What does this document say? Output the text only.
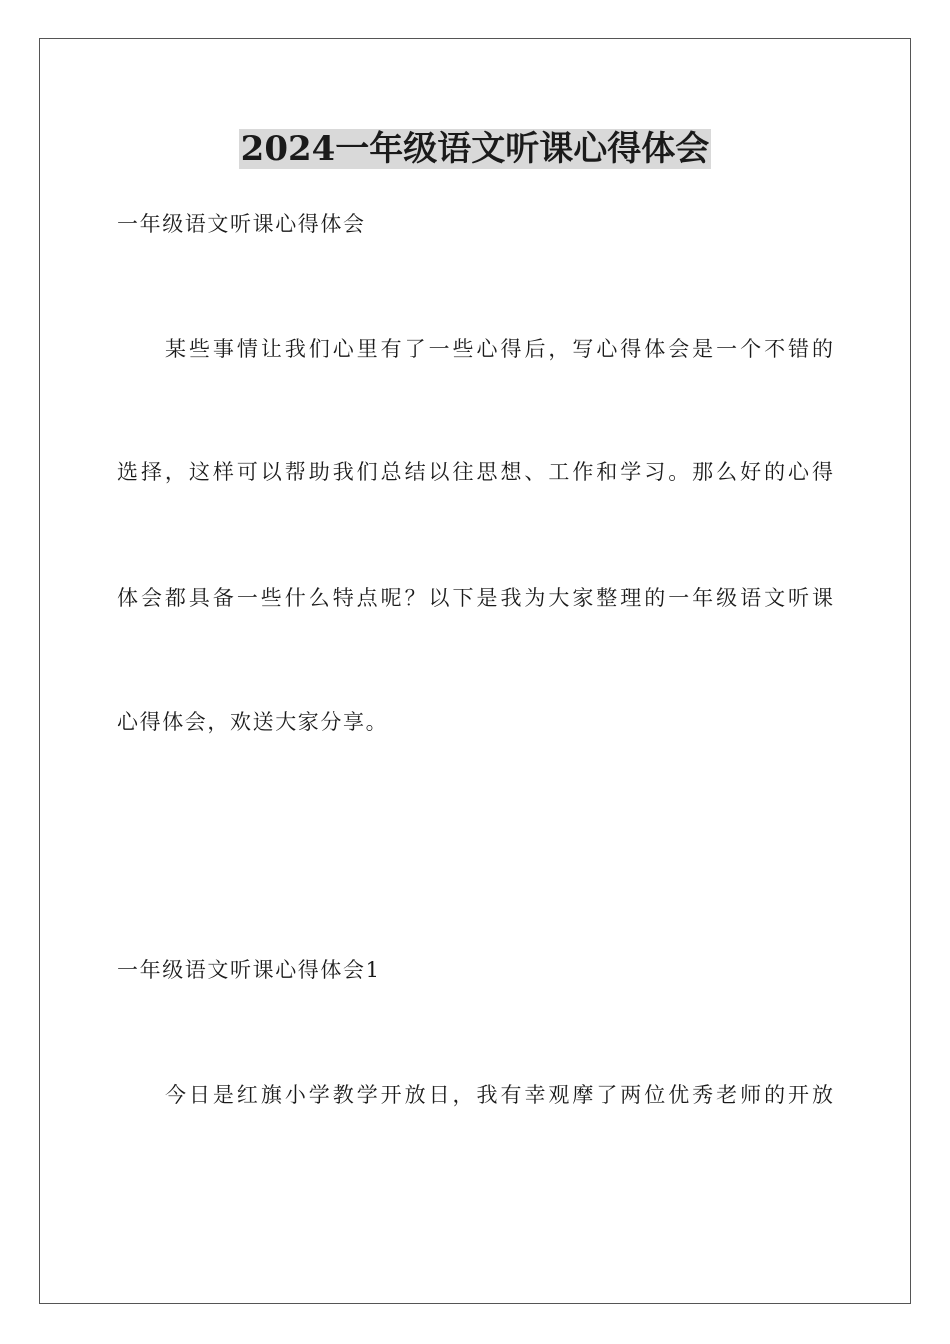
2024一年级语文听课心得体会
一年级语文听课心得体会
某些事情让我们心里有了一些心得后，写心得体会是一个不错的
选择，这样可以帮助我们总结以往思想、工作和学习。那么好的心得
体会都具备一些什么特点呢？以下是我为大家整理的一年级语文听课
心得体会，欢送大家分享。
一年级语文听课心得体会1
今日是红旗小学教学开放日，我有幸观摩了两位优秀老师的开放
